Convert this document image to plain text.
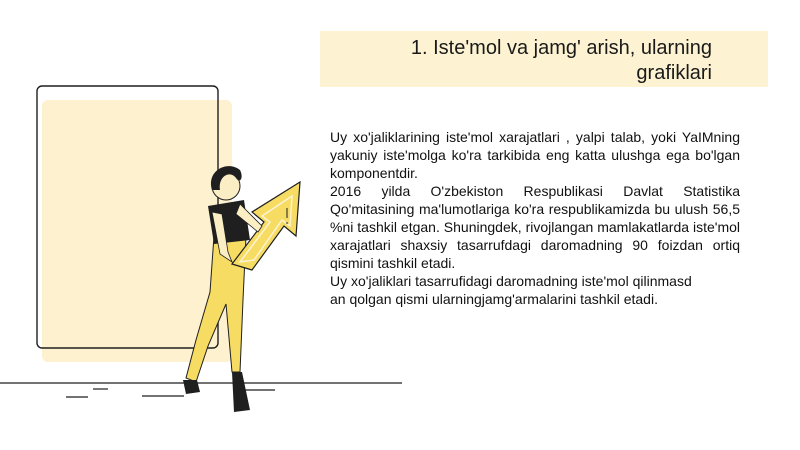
1. Iste'mol va jamg' arish, ularning
grafiklari

Uy xo'jaliklarining iste'mol xarajatlari , yalpi talab, yoki YaIMning yakuniy iste'molga ko'ra tarkibida eng katta ulushga ega bo'lgan komponentdir.

2016 yilda O'zbekiston Respublikasi Davlat Statistika Qo'mitasining ma'lumotlariga ko'ra respublikamizda bu ulush 56,5 %ni tashkil etgan. Shuningdek, rivojlangan mamlakatlarda iste'mol xarajatlari shaxsiy tasarrufdagi daromadning 90 foizdan ortiq qismini tashkil etadi.

Uy xo'jaliklari tasarrufidagi daromadning iste'mol qilinmasd

an qolgan qismi ularningjamg'armalarini tashkil etadi.
